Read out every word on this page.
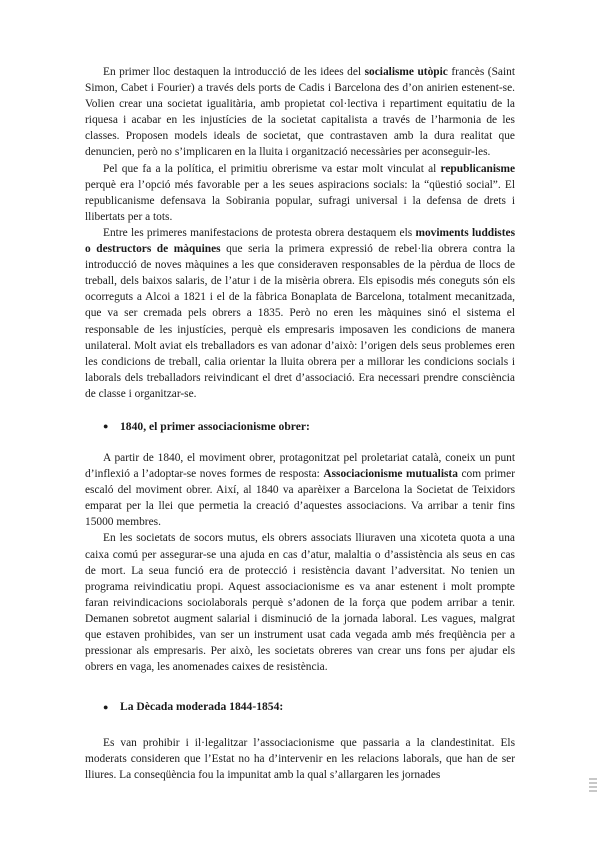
En primer lloc destaquen la introducció de les idees del socialisme utòpic francès (Saint Simon, Cabet i Fourier) a través dels ports de Cadis i Barcelona des d’on anirien estenent-se. Volien crear una societat igualitària, amb propietat col·lectiva i repartiment equitatiu de la riquesa i acabar en les injustícies de la societat capitalista a través de l’harmonia de les classes. Proposen models ideals de societat, que contrastaven amb la dura realitat que denuncien, però no s’implicaren en la lluita i organització necessàries per aconseguir-les.

Pel que fa a la política, el primitiu obrerisme va estar molt vinculat al republicanisme perquè era l’opció més favorable per a les seues aspiracions socials: la “qüestió social”. El republicanisme defensava la Sobirania popular, sufragi universal i la defensa de drets i llibertats per a tots.

Entre les primeres manifestacions de protesta obrera destaquem els moviments luddistes o destructors de màquines que seria la primera expressió de rebel·lia obrera contra la introducció de noves màquines a les que consideraven responsables de la pèrdua de llocs de treball, dels baixos salaris, de l’atur i de la misèria obrera. Els episodis més coneguts són els ocorreguts a Alcoi a 1821 i el de la fàbrica Bonaplata de Barcelona, totalment mecanitzada, que va ser cremada pels obrers a 1835. Però no eren les màquines sinó el sistema el responsable de les injustícies, perquè els empresaris imposaven les condicions de manera unilateral. Molt aviat els treballadors es van adonar d’això: l’origen dels seus problemes eren les condicions de treball, calia orientar la lluita obrera per a millorar les condicions socials i laborals dels treballadors reivindicant el dret d’associació. Era necessari prendre consciència de classe i organitzar-se.

● 1840, el primer associacionisme obrer:

A partir de 1840, el moviment obrer, protagonitzat pel proletariat català, coneix un punt d’inflexió a l’adoptar-se noves formes de resposta: Associacionisme mutualista com primer escaló del moviment obrer. Així, al 1840 va aparèixer a Barcelona la Societat de Teixidors emparat per la llei que permetia la creació d’aquestes associacions. Va arribar a tenir fins 15000 membres.

En les societats de socors mutus, els obrers associats lliuraven una xicoteta quota a una caixa comú per assegurar-se una ajuda en cas d’atur, malaltia o d’assistència als seus en cas de mort. La seua funció era de protecció i resistència davant l’adversitat. No tenien un programa reivindicatiu propi. Aquest associacionisme es va anar estenent i molt prompte faran reivindicacions sociolaborals perquè s’adonen de la força que podem arribar a tenir. Demanen sobretot augment salarial i disminució de la jornada laboral. Les vagues, malgrat que estaven prohibides, van ser un instrument usat cada vegada amb més freqüència per a pressionar als empresaris. Per això, les societats obreres van crear uns fons per ajudar els obrers en vaga, les anomenades caixes de resistència.

● La Dècada moderada 1844-1854:

Es van prohibir i il·legalitzar l’associacionisme que passaria a la clandestinitat. Els moderats consideren que l’Estat no ha d’intervenir en les relacions laborals, que han de ser lliures. La conseqüència fou la impunitat amb la qual s’allargaren les jornades
